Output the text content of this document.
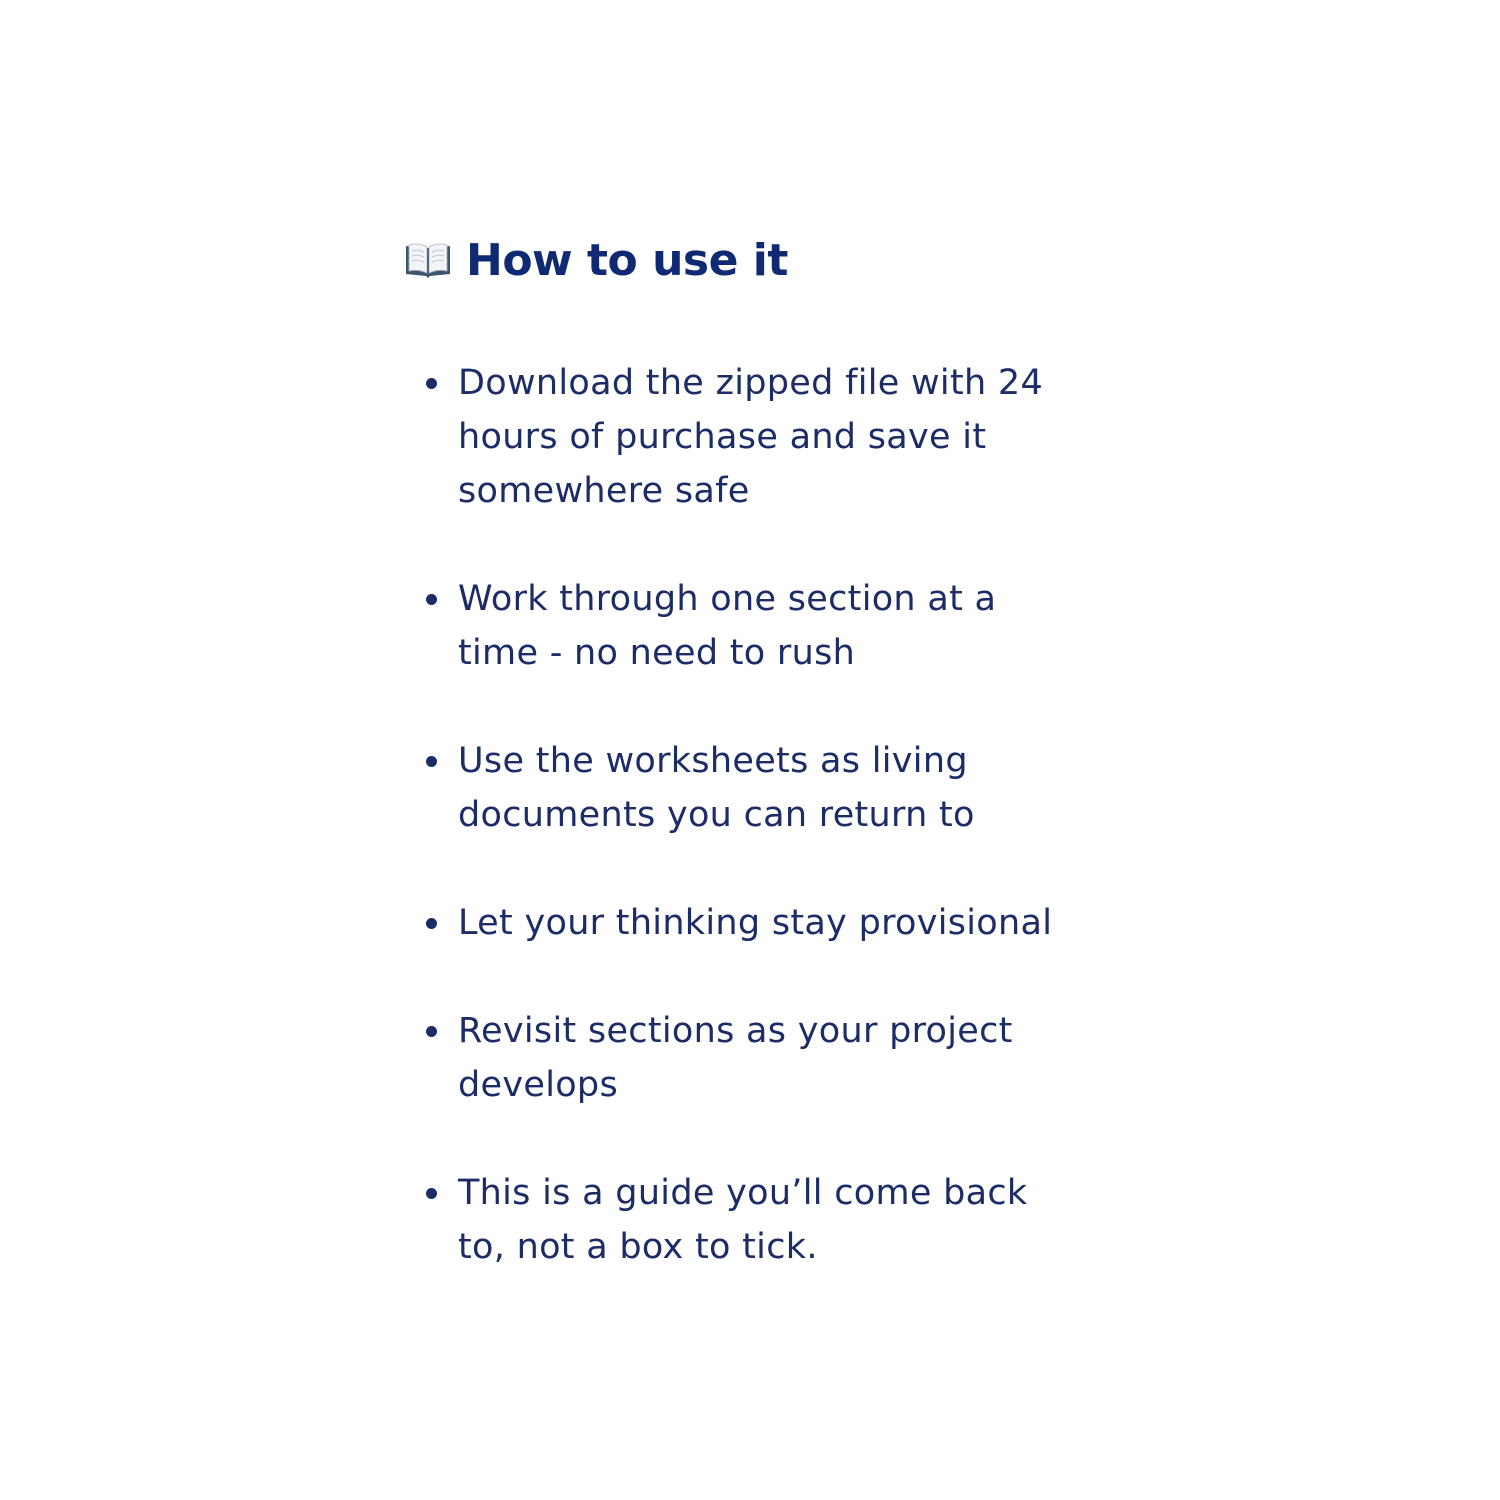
How to use it
Download the zipped file with 24
hours of purchase and save it
somewhere safe
Work through one section at a
time - no need to rush
Use the worksheets as living
documents you can return to
Let your thinking stay provisional
Revisit sections as your project
develops
This is a guide you’ll come back
to, not a box to tick.
